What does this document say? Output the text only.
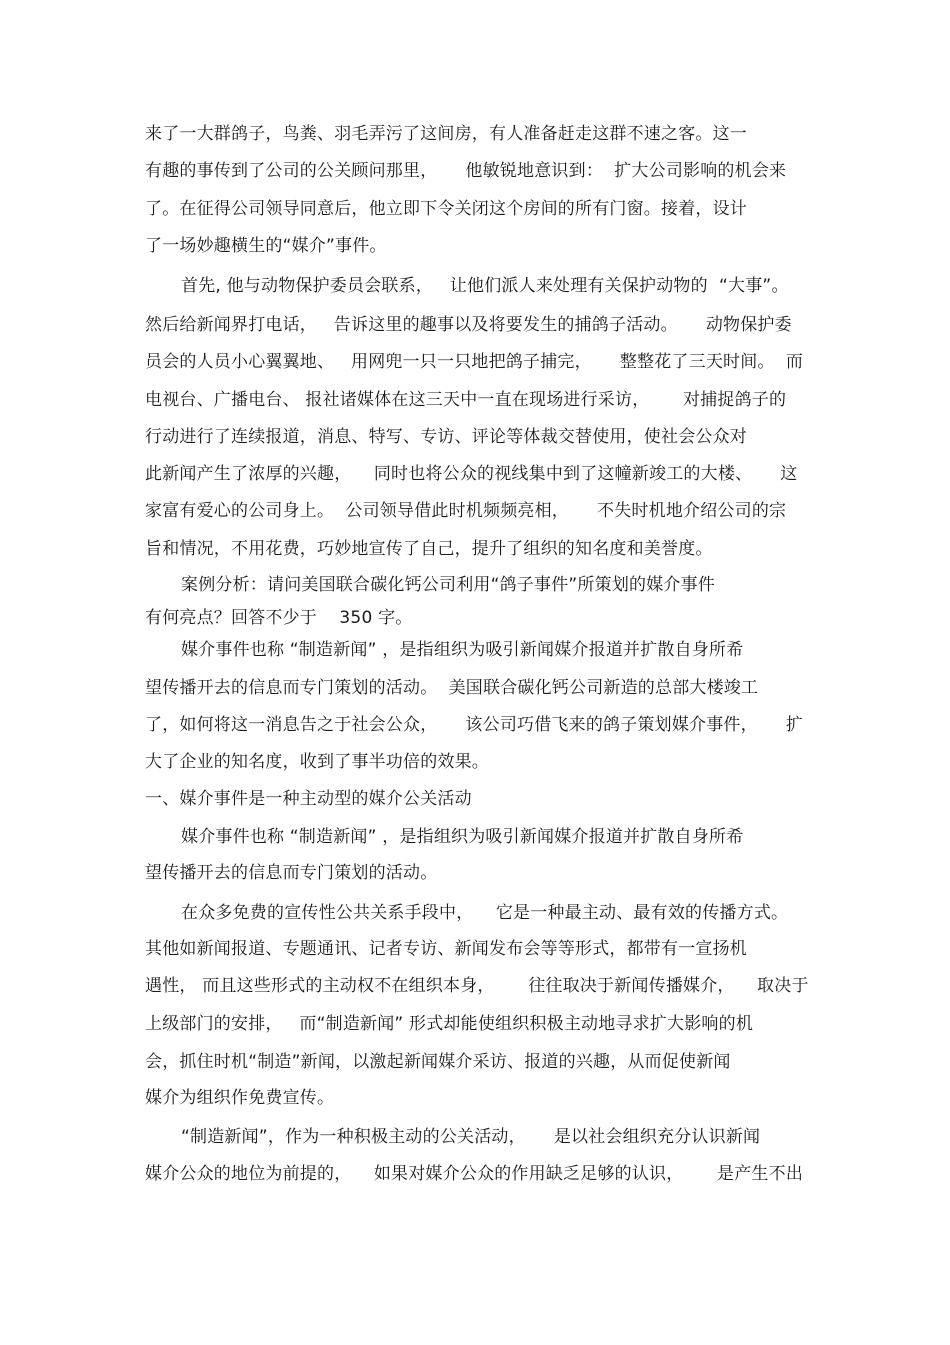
来了一大群鸽子，鸟粪、羽毛弄污了这间房，有人准备赶走这群不速之客。这一
有趣的事传到了公司的公关顾问那里，     他敏锐地意识到：  扩大公司影响的机会来
了。在征得公司领导同意后，他立即下令关闭这个房间的所有门窗。接着，设计
了一场妙趣横生的“媒介”事件。
首先, 他与动物保护委员会联系，   让他们派人来处理有关保护动物的  “大事”。
然后给新闻界打电话，   告诉这里的趣事以及将要发生的捕鸽子活动。     动物保护委
员会的人员小心翼翼地、   用网兜一只一只地把鸽子捕完，     整整花了三天时间。  而
电视台、广播电台、 报社诸媒体在这三天中一直在现场进行采访，      对捕捉鸽子的
行动进行了连续报道，消息、特写、专访、评论等体裁交替使用，使社会公众对
此新闻产生了浓厚的兴趣，    同时也将公众的视线集中到了这幢新竣工的大楼、     这
家富有爱心的公司身上。  公司领导借此时机频频亮相，     不失时机地介绍公司的宗
旨和情况，不用花费，巧妙地宣传了自己，提升了组织的知名度和美誉度。
案例分析：请问美国联合碳化钙公司利用“鸽子事件”所策划的媒介事件
有何亮点？回答不少于    350 字。
媒介事件也称 “制造新闻” ，是指组织为吸引新闻媒介报道并扩散自身所希
望传播开去的信息而专门策划的活动。  美国联合碳化钙公司新造的总部大楼竣工
了，如何将这一消息告之于社会公众，     该公司巧借飞来的鸽子策划媒介事件，     扩
大了企业的知名度，收到了事半功倍的效果。
一、媒介事件是一种主动型的媒介公关活动
媒介事件也称 “制造新闻” ，是指组织为吸引新闻媒介报道并扩散自身所希
望传播开去的信息而专门策划的活动。
在众多免费的宣传性公共关系手段中，    它是一种最主动、最有效的传播方式。
其他如新闻报道、专题通讯、记者专访、新闻发布会等等形式，都带有一宣扬机
遇性， 而且这些形式的主动权不在组织本身，      往往取决于新闻传播媒介，    取决于
上级部门的安排，   而“制造新闻” 形式却能使组织积极主动地寻求扩大影响的机
会，抓住时机“制造”新闻，以激起新闻媒介采访、报道的兴趣，从而促使新闻
媒介为组织作免费宣传。
“制造新闻”，作为一种积极主动的公关活动，     是以社会组织充分认识新闻
媒介公众的地位为前提的，    如果对媒介公众的作用缺乏足够的认识，      是产生不出
